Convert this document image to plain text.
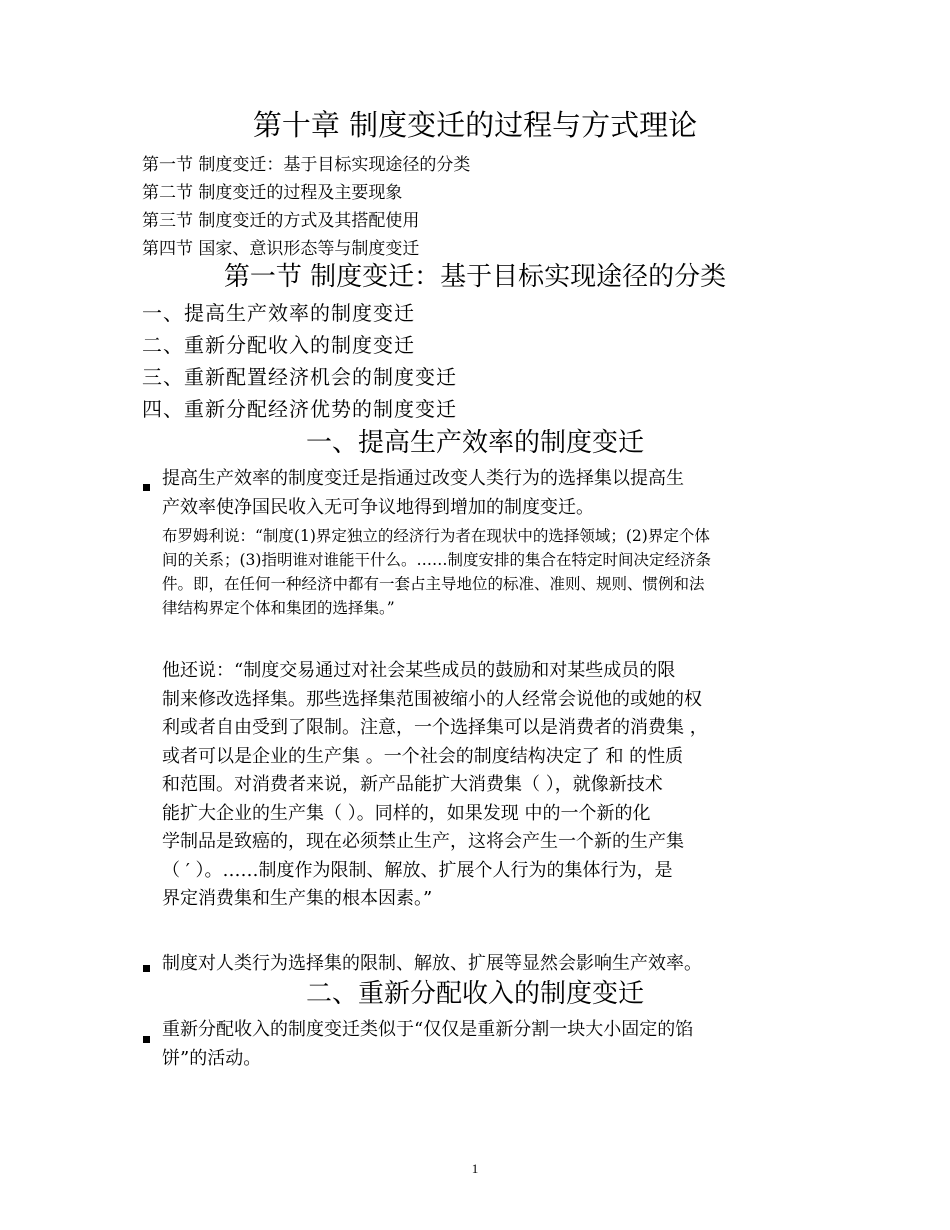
第十章 制度变迁的过程与方式理论
第一节 制度变迁：基于目标实现途径的分类
第二节 制度变迁的过程及主要现象
第三节 制度变迁的方式及其搭配使用
第四节 国家、意识形态等与制度变迁
第一节 制度变迁：基于目标实现途径的分类
一、提高生产效率的制度变迁
二、重新分配收入的制度变迁
三、重新配置经济机会的制度变迁
四、重新分配经济优势的制度变迁
一、提高生产效率的制度变迁
提高生产效率的制度变迁是指通过改变人类行为的选择集以提高生
产效率使净国民收入无可争议地得到增加的制度变迁。
布罗姆利说：“制度(1)界定独立的经济行为者在现状中的选择领域；(2)界定个体
间的关系；(3)指明谁对谁能干什么。……制度安排的集合在特定时间决定经济条
件。即，在任何一种经济中都有一套占主导地位的标准、准则、规则、惯例和法
律结构界定个体和集团的选择集。”
他还说：“制度交易通过对社会某些成员的鼓励和对某些成员的限
制来修改选择集。那些选择集范围被缩小的人经常会说他的或她的权
利或者自由受到了限制。注意，一个选择集可以是消费者的消费集 ，
或者可以是企业的生产集 。一个社会的制度结构决定了 和 的性质
和范围。对消费者来说，新产品能扩大消费集（ ），就像新技术
能扩大企业的生产集（ ）。同样的，如果发现 中的一个新的化
学制品是致癌的，现在必须禁止生产，这将会产生一个新的生产集
（ ′ ）。……制度作为限制、解放、扩展个人行为的集体行为，是
界定消费集和生产集的根本因素。”
制度对人类行为选择集的限制、解放、扩展等显然会影响生产效率。
二、重新分配收入的制度变迁
重新分配收入的制度变迁类似于“仅仅是重新分割一块大小固定的馅
饼”的活动。
1
